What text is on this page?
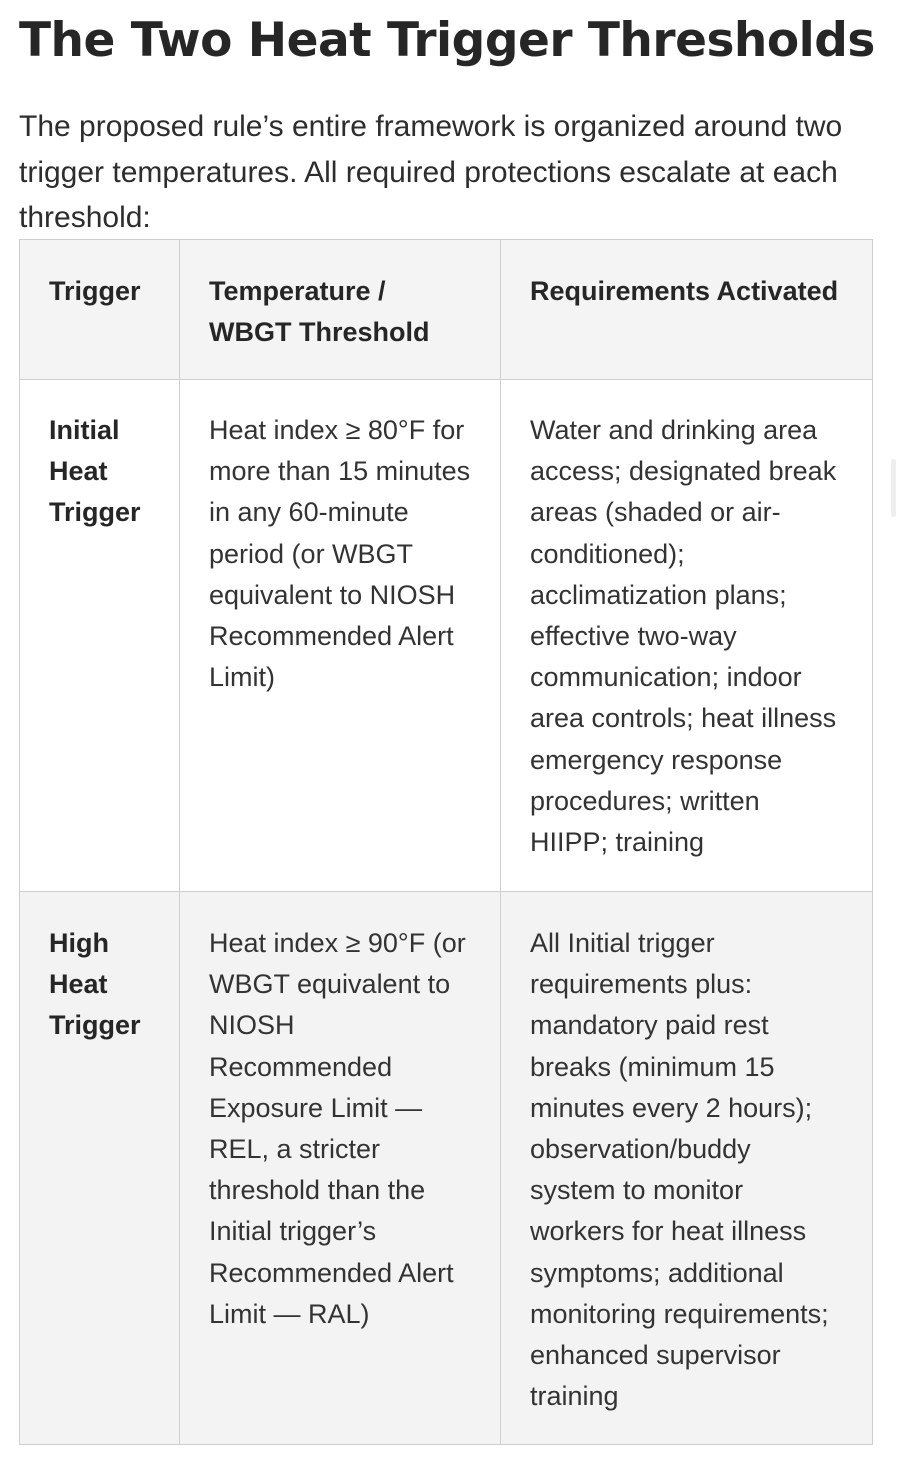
The Two Heat Trigger Thresholds

The proposed rule’s entire framework is organized around two trigger temperatures. All required protections escalate at each threshold:

Trigger	Temperature / WBGT Threshold	Requirements Activated
Initial Heat Trigger	Heat index ≥ 80°F for more than 15 minutes in any 60-minute period (or WBGT equivalent to NIOSH Recommended Alert Limit)	Water and drinking area access; designated break areas (shaded or air-conditioned); acclimatization plans; effective two-way communication; indoor area controls; heat illness emergency response procedures; written HIIPP; training
High Heat Trigger	Heat index ≥ 90°F (or WBGT equivalent to NIOSH Recommended Exposure Limit — REL, a stricter threshold than the Initial trigger’s Recommended Alert Limit — RAL)	All Initial trigger requirements plus: mandatory paid rest breaks (minimum 15 minutes every 2 hours); observation/buddy system to monitor workers for heat illness symptoms; additional monitoring requirements; enhanced supervisor training
